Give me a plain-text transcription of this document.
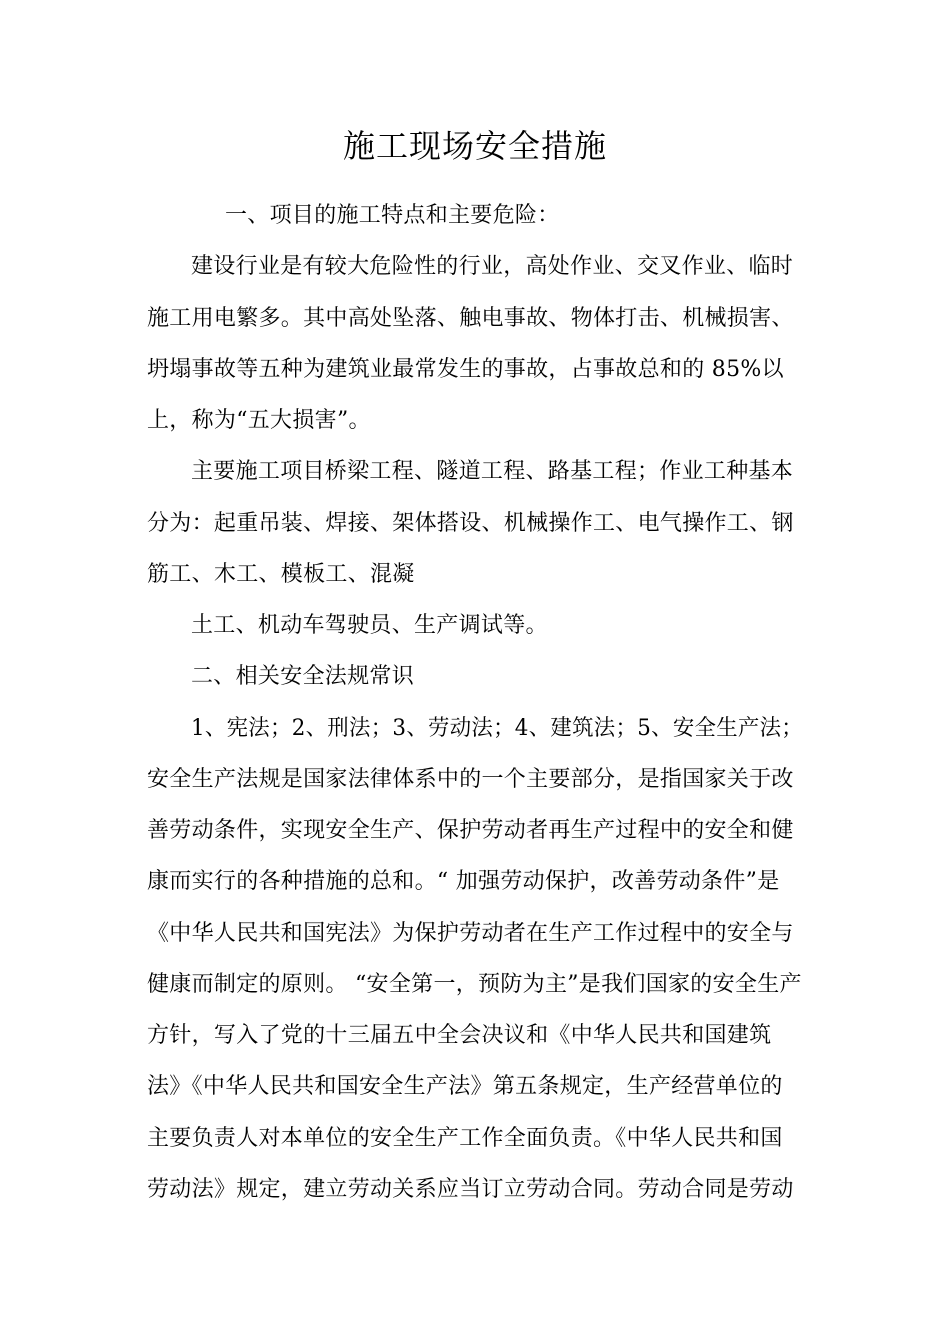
施工现场安全措施
一、项目的施工特点和主要危险：
建设行业是有较大危险性的行业，高处作业、交叉作业、临时
施工用电繁多。其中高处坠落、触电事故、物体打击、机械损害、
坍塌事故等五种为建筑业最常发生的事故，占事故总和的 85%以
上，称为“五大损害”。
主要施工项目桥梁工程、隧道工程、路基工程；作业工种基本
分为：起重吊装、焊接、架体搭设、机械操作工、电气操作工、钢
筋工、木工、模板工、混凝
土工、机动车驾驶员、生产调试等。
二、相关安全法规常识
1、宪法；2、刑法；3、劳动法；4、建筑法；5、安全生产法；
安全生产法规是国家法律体系中的一个主要部分，是指国家关于改
善劳动条件，实现安全生产、保护劳动者再生产过程中的安全和健
康而实行的各种措施的总和。“ 加强劳动保护，改善劳动条件”是
《中华人民共和国宪法》为保护劳动者在生产工作过程中的安全与
健康而制定的原则。 “安全第一，预防为主”是我们国家的安全生产
方针，写入了党的十三届五中全会决议和《中华人民共和国建筑
法》《中华人民共和国安全生产法》第五条规定，生产经营单位的
主要负责人对本单位的安全生产工作全面负责。《中华人民共和国
劳动法》规定，建立劳动关系应当订立劳动合同。劳动合同是劳动
